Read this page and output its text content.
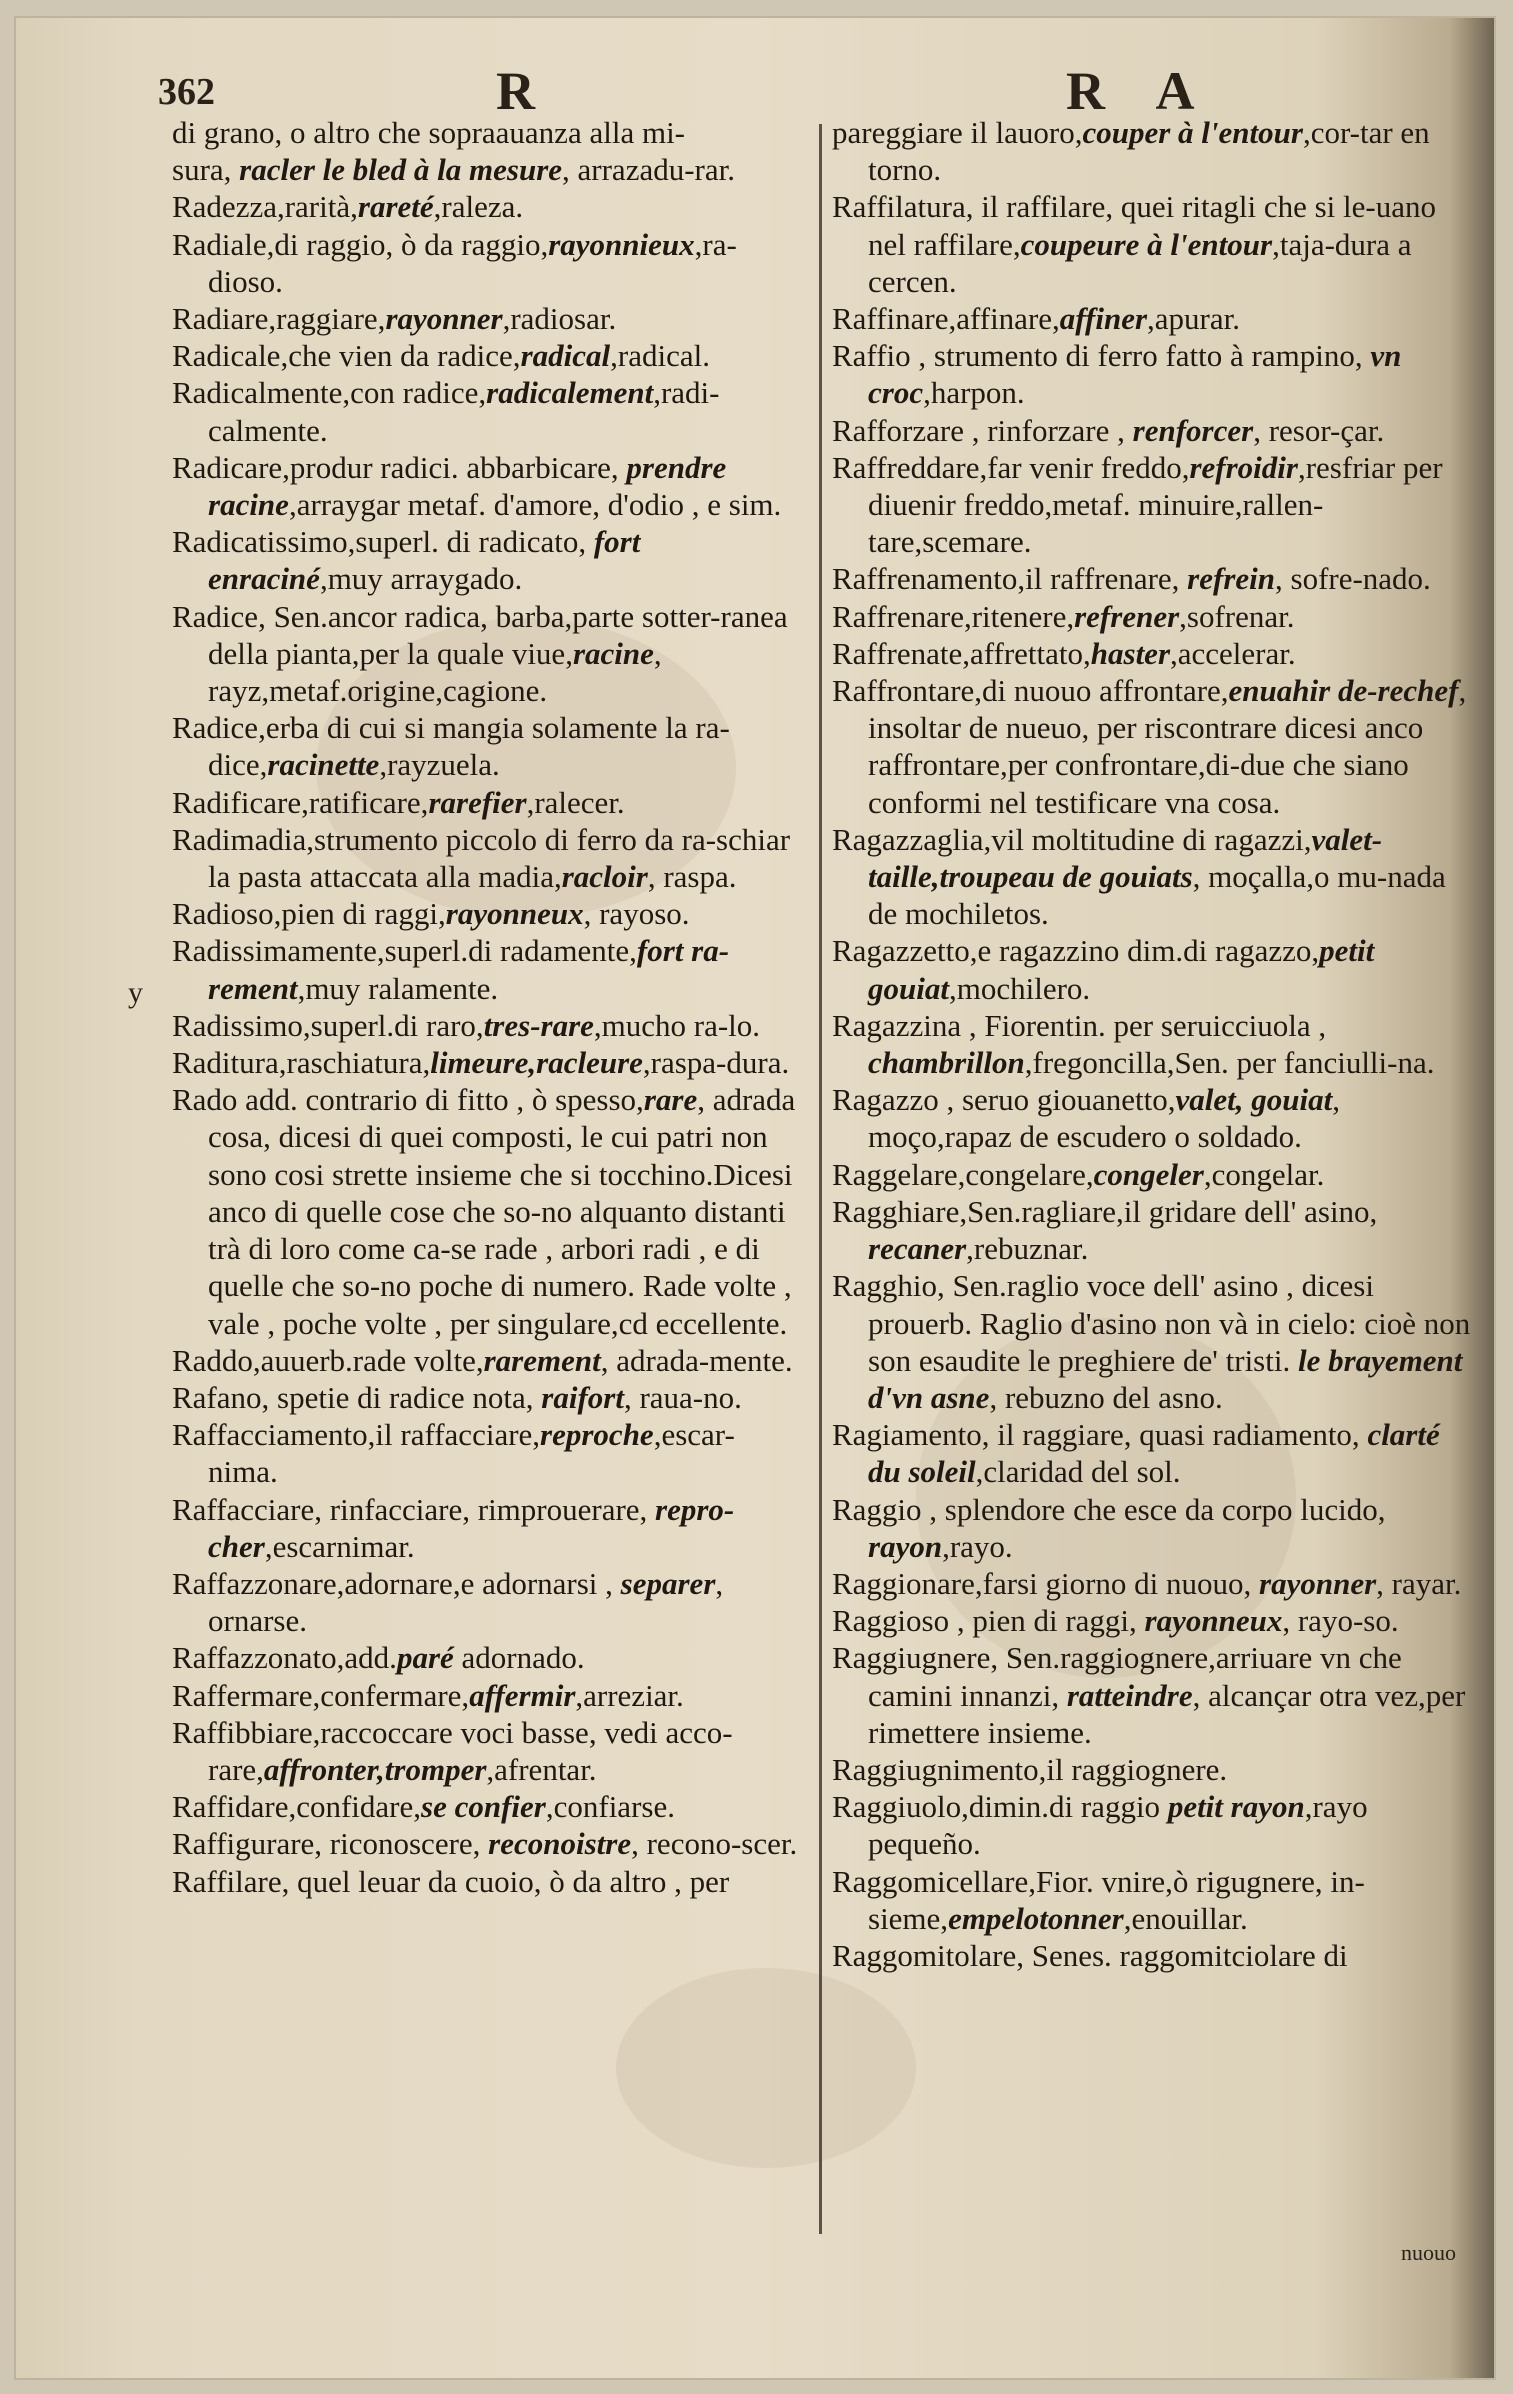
362	R	R A
y

di grano, o altro che sopraauanza alla mi-

sura, racler le bled à la mesure, arrazadu-rar.

Radezza,rarità,rareté,raleza.

Radiale,di raggio, ò da raggio,rayonnieux,ra-dioso.

Radiare,raggiare,rayonner,radiosar.

Radicale,che vien da radice,radical,radical.

Radicalmente,con radice,radicalement,radi-calmente.

Radicare,produr radici. abbarbicare, prendre racine,arraygar metaf. d'amore, d'odio , e sim.

Radicatissimo,superl. di radicato, fort enraciné,muy arraygado.

Radice, Sen.ancor radica, barba,parte sotter-ranea della pianta,per la quale viue,racine, rayz,metaf.origine,cagione.

Radice,erba di cui si mangia solamente la ra-dice,racinette,rayzuela.

Radificare,ratificare,rarefier,ralecer.

Radimadia,strumento piccolo di ferro da ra-schiar la pasta attaccata alla madia,racloir, raspa.

Radioso,pien di raggi,rayonneux, rayoso.

Radissimamente,superl.di radamente,fort ra-rement,muy ralamente.

Radissimo,superl.di raro,tres-rare,mucho ra-lo.

Raditura,raschiatura,limeure,racleure,raspa-dura.

Rado add. contrario di fitto , ò spesso,rare, adrada cosa, dicesi di quei composti, le cui patri non sono cosi strette insieme che si tocchino.Dicesi anco di quelle cose che so-no alquanto distanti trà di loro come ca-se rade , arbori radi , e di quelle che so-no poche di numero. Rade volte , vale , poche volte , per singulare,cd eccellente.

Raddo,auuerb.rade volte,rarement, adrada-mente.

Rafano, spetie di radice nota, raifort, raua-no.

Raffacciamento,il raffacciare,reproche,escar-nima.

Raffacciare, rinfacciare, rimprouerare, repro-cher,escarnimar.

Raffazzonare,adornare,e adornarsi , separer, ornarse.

Raffazzonato,add.paré adornado.

Raffermare,confermare,affermir,arreziar.

Raffibbiare,raccoccare voci basse, vedi acco-rare,affronter,tromper,afrentar.

Raffidare,confidare,se confier,confiarse.

Raffigurare, riconoscere, reconoistre, recono-scer.

Raffilare, quel leuar da cuoio, ò da altro , per

pareggiare il lauoro,couper à l'entour,cor-tar en torno.

Raffilatura, il raffilare, quei ritagli che si le-uano nel raffilare,coupeure à l'entour,taja-dura a cercen.

Raffinare,affinare,affiner,apurar.

Raffio , strumento di ferro fatto à rampino, vn croc,harpon.

Rafforzare , rinforzare , renforcer, resor-çar.

Raffreddare,far venir freddo,refroidir,resfriar per diuenir freddo,metaf. minuire,rallen-tare,scemare.

Raffrenamento,il raffrenare, refrein, sofre-nado.

Raffrenare,ritenere,refrener,sofrenar.

Raffrenate,affrettato,haster,accelerar.

Raffrontare,di nuouo affrontare,enuahir de-rechef, insoltar de nueuo, per riscontrare dicesi anco raffrontare,per confrontare,di-due che siano conformi nel testificare vna cosa.

Ragazzaglia,vil moltitudine di ragazzi,valet-taille,troupeau de gouiats, moçalla,o mu-nada de mochiletos.

Ragazzetto,e ragazzino dim.di ragazzo,petit gouiat,mochilero.

Ragazzina , Fiorentin. per seruicciuola , chambrillon,fregoncilla,Sen. per fanciulli-na.

Ragazzo , seruo giouanetto,valet, gouiat, moço,rapaz de escudero o soldado.

Raggelare,congelare,congeler,congelar.

Ragghiare,Sen.ragliare,il gridare dell' asino, recaner,rebuznar.

Ragghio, Sen.raglio voce dell' asino , dicesi prouerb. Raglio d'asino non và in cielo: cioè non son esaudite le preghiere de' tristi. le brayement d'vn asne, rebuzno del asno.

Ragiamento, il raggiare, quasi radiamento, clarté du soleil,claridad del sol.

Raggio , splendore che esce da corpo lucido, rayon,rayo.

Raggionare,farsi giorno di nuouo, rayonner, rayar.

Raggioso , pien di raggi, rayonneux, rayo-so.

Raggiugnere, Sen.raggiognere,arriuare vn che camini innanzi, ratteindre, alcançar otra vez,per rimettere insieme.

Raggiugnimento,il raggiognere.

Raggiuolo,dimin.di raggio petit rayon,rayo pequeño.

Raggomicellare,Fior. vnire,ò rigugnere, in-sieme,empelotonner,enouillar.

Raggomitolare, Senes. raggomitciolare di

nuouo
